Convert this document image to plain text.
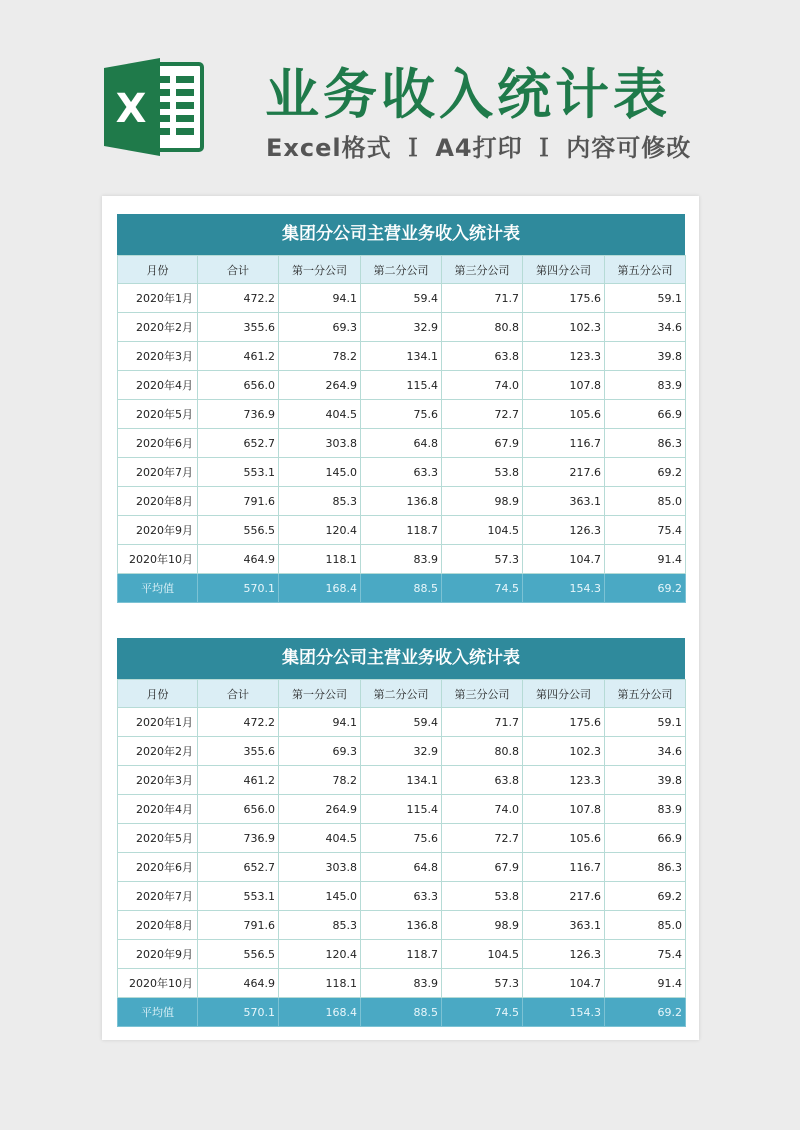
X 业务收入统计表
Excel格式 Ｉ A4打印 Ｉ 内容可修改
集团分公司主营业务收入统计表
月份	合计	第一分公司	第二分公司	第三分公司	第四分公司	第五分公司
2020年1月	472.2	94.1	59.4	71.7	175.6	59.1
2020年2月	355.6	69.3	32.9	80.8	102.3	34.6
2020年3月	461.2	78.2	134.1	63.8	123.3	39.8
2020年4月	656.0	264.9	115.4	74.0	107.8	83.9
2020年5月	736.9	404.5	75.6	72.7	105.6	66.9
2020年6月	652.7	303.8	64.8	67.9	116.7	86.3
2020年7月	553.1	145.0	63.3	53.8	217.6	69.2
2020年8月	791.6	85.3	136.8	98.9	363.1	85.0
2020年9月	556.5	120.4	118.7	104.5	126.3	75.4
2020年10月	464.9	118.1	83.9	57.3	104.7	91.4
平均值	570.1	168.4	88.5	74.5	154.3	69.2
集团分公司主营业务收入统计表
月份	合计	第一分公司	第二分公司	第三分公司	第四分公司	第五分公司
2020年1月	472.2	94.1	59.4	71.7	175.6	59.1
2020年2月	355.6	69.3	32.9	80.8	102.3	34.6
2020年3月	461.2	78.2	134.1	63.8	123.3	39.8
2020年4月	656.0	264.9	115.4	74.0	107.8	83.9
2020年5月	736.9	404.5	75.6	72.7	105.6	66.9
2020年6月	652.7	303.8	64.8	67.9	116.7	86.3
2020年7月	553.1	145.0	63.3	53.8	217.6	69.2
2020年8月	791.6	85.3	136.8	98.9	363.1	85.0
2020年9月	556.5	120.4	118.7	104.5	126.3	75.4
2020年10月	464.9	118.1	83.9	57.3	104.7	91.4
平均值	570.1	168.4	88.5	74.5	154.3	69.2
